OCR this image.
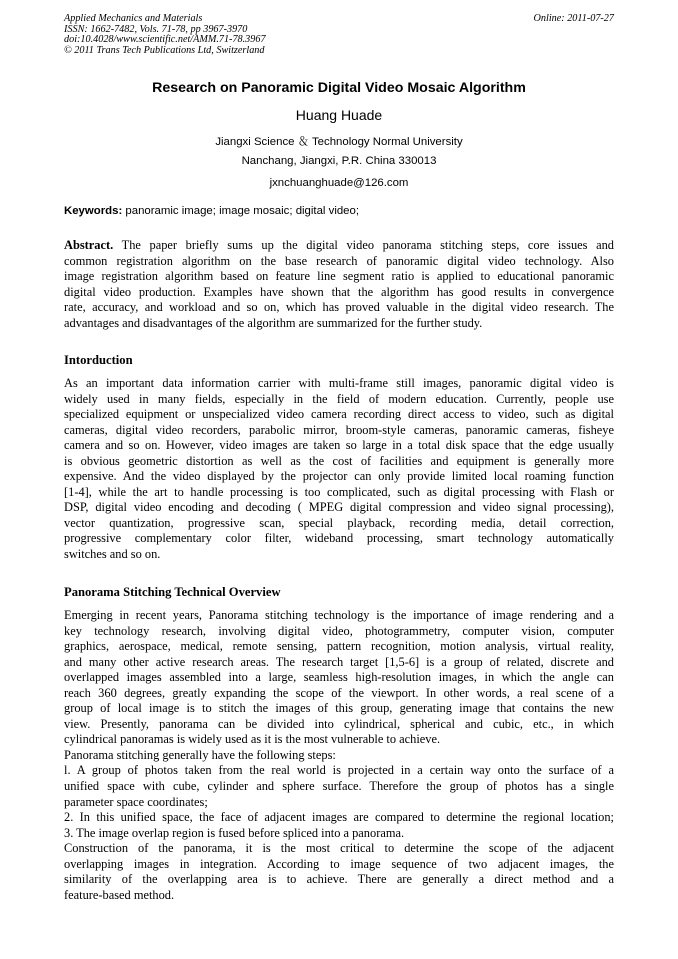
Applied Mechanics and Materials
ISSN: 1662-7482, Vols. 71-78, pp 3967-3970
doi:10.4028/www.scientific.net/AMM.71-78.3967
© 2011 Trans Tech Publications Ltd, Switzerland
Online: 2011-07-27
Research on Panoramic Digital Video Mosaic Algorithm
Huang Huade
Jiangxi Science ＆ Technology Normal University
Nanchang, Jiangxi, P.R. China 330013
jxnchuanghuade@126.com
Keywords: panoramic image; image mosaic; digital video;
Abstract. The paper briefly sums up the digital video panorama stitching steps, core issues and
common registration algorithm on the base research of panoramic digital video technology. Also
image registration algorithm based on feature line segment ratio is applied to educational panoramic
digital video production. Examples have shown that the algorithm has good results in convergence
rate, accuracy, and workload and so on, which has proved valuable in the digital video research. The
advantages and disadvantages of the algorithm are summarized for the further study.
Intorduction
As an important data information carrier with multi-frame still images, panoramic digital video is
widely used in many fields, especially in the field of modern education. Currently, people use
specialized equipment or unspecialized video camera recording direct access to video, such as digital
cameras, digital video recorders, parabolic mirror, broom-style cameras, panoramic cameras, fisheye
camera and so on. However, video images are taken so large in a total disk space that the edge usually
is obvious geometric distortion as well as the cost of facilities and equipment is generally more
expensive. And the video displayed by the projector can only provide limited local roaming function
[1-4], while the art to handle processing is too complicated, such as digital processing with Flash or
DSP, digital video encoding and decoding ( MPEG digital compression and video signal processing),
vector quantization, progressive scan, special playback, recording media, detail correction,
progressive complementary color filter, wideband processing, smart technology automatically
switches and so on.
Panorama Stitching Technical Overview
Emerging in recent years, Panorama stitching technology is the importance of image rendering and a
key technology research, involving digital video, photogrammetry, computer vision, computer
graphics, aerospace, medical, remote sensing, pattern recognition, motion analysis, virtual reality,
and many other active research areas. The research target [1,5-6] is a group of related, discrete and
overlapped images assembled into a large, seamless high-resolution images, in which the angle can
reach 360 degrees, greatly expanding the scope of the viewport. In other words, a real scene of a
group of local image is to stitch the images of this group, generating image that contains the new
view. Presently, panorama can be divided into cylindrical, spherical and cubic, etc., in which
cylindrical panoramas is widely used as it is the most vulnerable to achieve.
Panorama stitching generally have the following steps:
l. A group of photos taken from the real world is projected in a certain way onto the surface of a
unified space with cube, cylinder and sphere surface. Therefore the group of photos has a single
parameter space coordinates;
2. In this unified space, the face of adjacent images are compared to determine the regional location;
3. The image overlap region is fused before spliced into a panorama.
Construction of the panorama, it is the most critical to determine the scope of the adjacent
overlapping images in integration. According to image sequence of two adjacent images, the
similarity of the overlapping area is to achieve. There are generally a direct method and a
feature-based method.
